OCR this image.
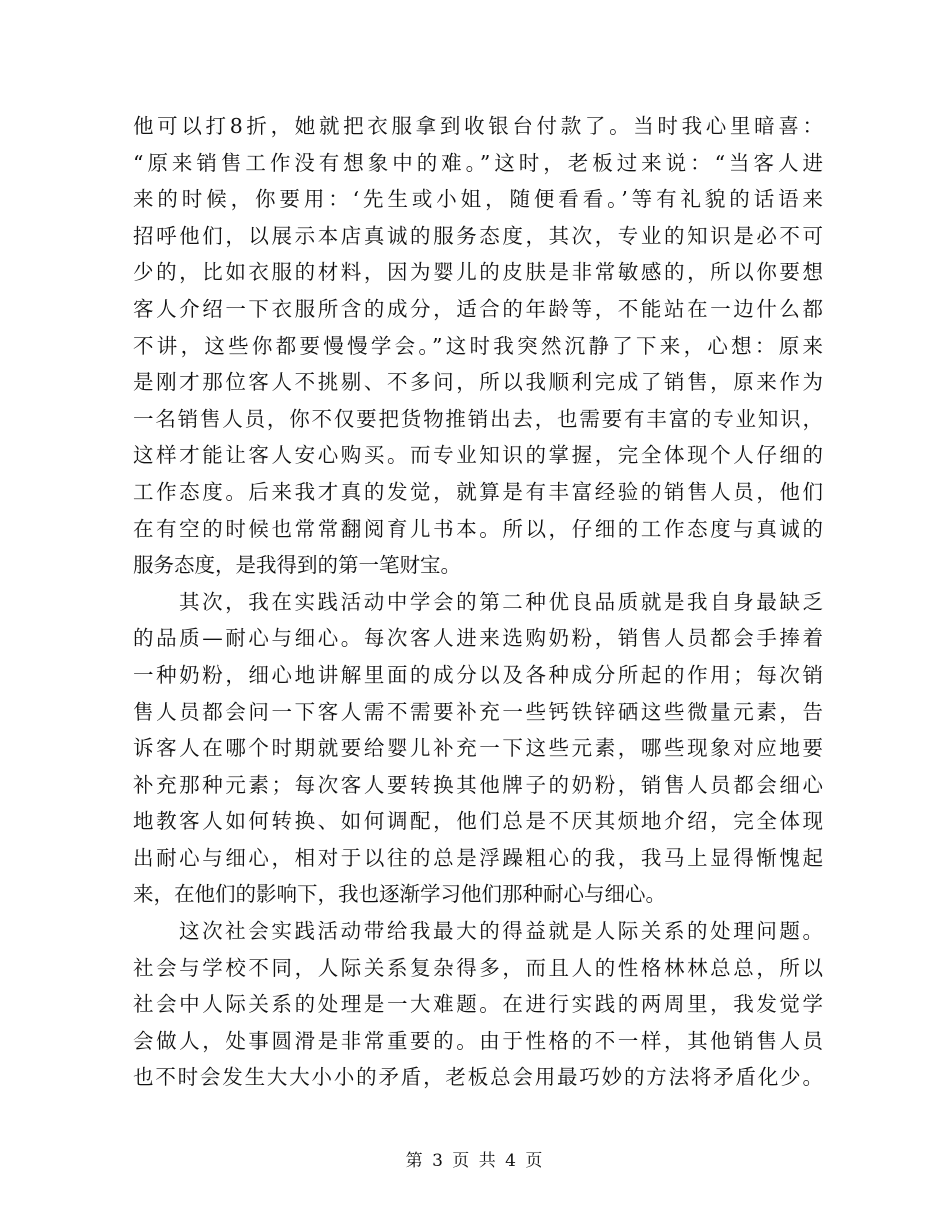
他可以打8折，她就把衣服拿到收银台付款了。当时我心里暗喜：
“原来销售工作没有想象中的难。”这时，老板过来说：“当客人进
来的时候，你要用：‘先生或小姐，随便看看。’等有礼貌的话语来
招呼他们，以展示本店真诚的服务态度，其次，专业的知识是必不可
少的，比如衣服的材料，因为婴儿的皮肤是非常敏感的，所以你要想
客人介绍一下衣服所含的成分，适合的年龄等，不能站在一边什么都
不讲，这些你都要慢慢学会。”这时我突然沉静了下来，心想：原来
是刚才那位客人不挑剔、不多问，所以我顺利完成了销售，原来作为
一名销售人员，你不仅要把货物推销出去，也需要有丰富的专业知识，
这样才能让客人安心购买。而专业知识的掌握，完全体现个人仔细的
工作态度。后来我才真的发觉，就算是有丰富经验的销售人员，他们
在有空的时候也常常翻阅育儿书本。所以，仔细的工作态度与真诚的
服务态度，是我得到的第一笔财宝。
其次，我在实践活动中学会的第二种优良品质就是我自身最缺乏
的品质—耐心与细心。每次客人进来选购奶粉，销售人员都会手捧着
一种奶粉，细心地讲解里面的成分以及各种成分所起的作用；每次销
售人员都会问一下客人需不需要补充一些钙铁锌硒这些微量元素，告
诉客人在哪个时期就要给婴儿补充一下这些元素，哪些现象对应地要
补充那种元素；每次客人要转换其他牌子的奶粉，销售人员都会细心
地教客人如何转换、如何调配，他们总是不厌其烦地介绍，完全体现
出耐心与细心，相对于以往的总是浮躁粗心的我，我马上显得惭愧起
来，在他们的影响下，我也逐渐学习他们那种耐心与细心。
这次社会实践活动带给我最大的得益就是人际关系的处理问题。
社会与学校不同，人际关系复杂得多，而且人的性格林林总总，所以
社会中人际关系的处理是一大难题。在进行实践的两周里，我发觉学
会做人，处事圆滑是非常重要的。由于性格的不一样，其他销售人员
也不时会发生大大小小的矛盾，老板总会用最巧妙的方法将矛盾化少。
第 3 页 共 4 页
